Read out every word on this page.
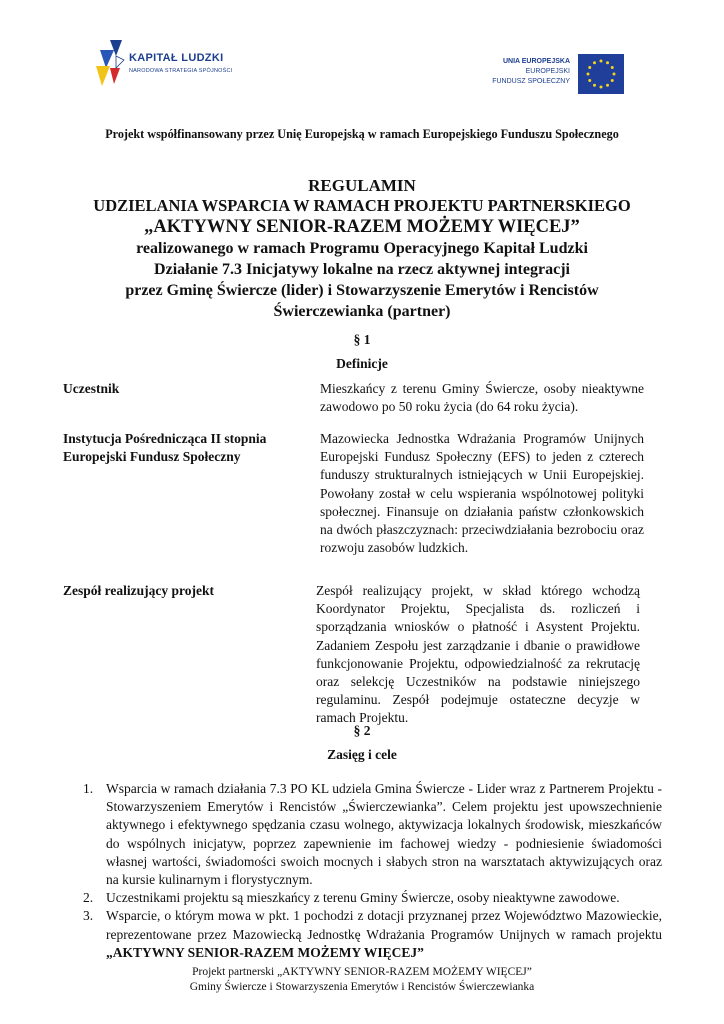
KAPITAŁ LUDZKI
NARODOWA STRATEGIA SPÓJNOŚCI
UNIA EUROPEJSKA
EUROPEJSKI
FUNDUSZ SPOŁECZNY
Projekt współfinansowany przez Unię Europejską w ramach Europejskiego Funduszu Społecznego
REGULAMIN
UDZIELANIA WSPARCIA W RAMACH PROJEKTU PARTNERSKIEGO
„AKTYWNY SENIOR-RAZEM MOŻEMY WIĘCEJ”
realizowanego w ramach Programu Operacyjnego Kapitał Ludzki
Działanie 7.3 Inicjatywy lokalne na rzecz aktywnej integracji
przez Gminę Świercze (lider) i Stowarzyszenie Emerytów i Rencistów
Świerczewianka (partner)
§ 1
Definicje
Uczestnik	Mieszkańcy z terenu Gminy Świercze, osoby nieaktywne zawodowo po 50 roku życia (do 64 roku życia).
Instytucja Pośrednicząca II stopnia
Europejski Fundusz Społeczny
Mazowiecka Jednostka Wdrażania Programów Unijnych Europejski Fundusz Społeczny (EFS) to jeden z czterech funduszy strukturalnych istniejących w Unii Europejskiej. Powołany został w celu wspierania wspólnotowej polityki społecznej. Finansuje on działania państw członkowskich na dwóch płaszczyznach: przeciwdziałania bezrobociu oraz rozwoju zasobów ludzkich.
Zespół realizujący projekt	Zespół realizujący projekt, w skład którego wchodzą Koordynator Projektu, Specjalista ds. rozliczeń i sporządzania wniosków o płatność i Asystent Projektu. Zadaniem Zespołu jest zarządzanie i dbanie o prawidłowe funkcjonowanie Projektu, odpowiedzialność za rekrutację oraz selekcję Uczestników na podstawie niniejszego regulaminu. Zespół podejmuje ostateczne decyzje w ramach Projektu.
§ 2
Zasięg i cele
1. Wsparcia w ramach działania 7.3 PO KL udziela Gmina Świercze - Lider wraz z Partnerem Projektu - Stowarzyszeniem Emerytów i Rencistów „Świerczewianka”. Celem projektu jest upowszechnienie aktywnego i efektywnego spędzania czasu wolnego, aktywizacja lokalnych środowisk, mieszkańców do wspólnych inicjatyw, poprzez zapewnienie im fachowej wiedzy - podniesienie świadomości własnej wartości, świadomości swoich mocnych i słabych stron na warsztatach aktywizujących oraz na kursie kulinarnym i florystycznym.
2. Uczestnikami projektu są mieszkańcy z terenu Gminy Świercze, osoby nieaktywne zawodowe.
3. Wsparcie, o którym mowa w pkt. 1 pochodzi z dotacji przyznanej przez Województwo Mazowieckie, reprezentowane przez Mazowiecką Jednostkę Wdrażania Programów Unijnych w ramach projektu „AKTYWNY SENIOR-RAZEM MOŻEMY WIĘCEJ”
Projekt partnerski „AKTYWNY SENIOR-RAZEM MOŻEMY WIĘCEJ”
Gminy Świercze i Stowarzyszenia Emerytów i Rencistów Świerczewianka
